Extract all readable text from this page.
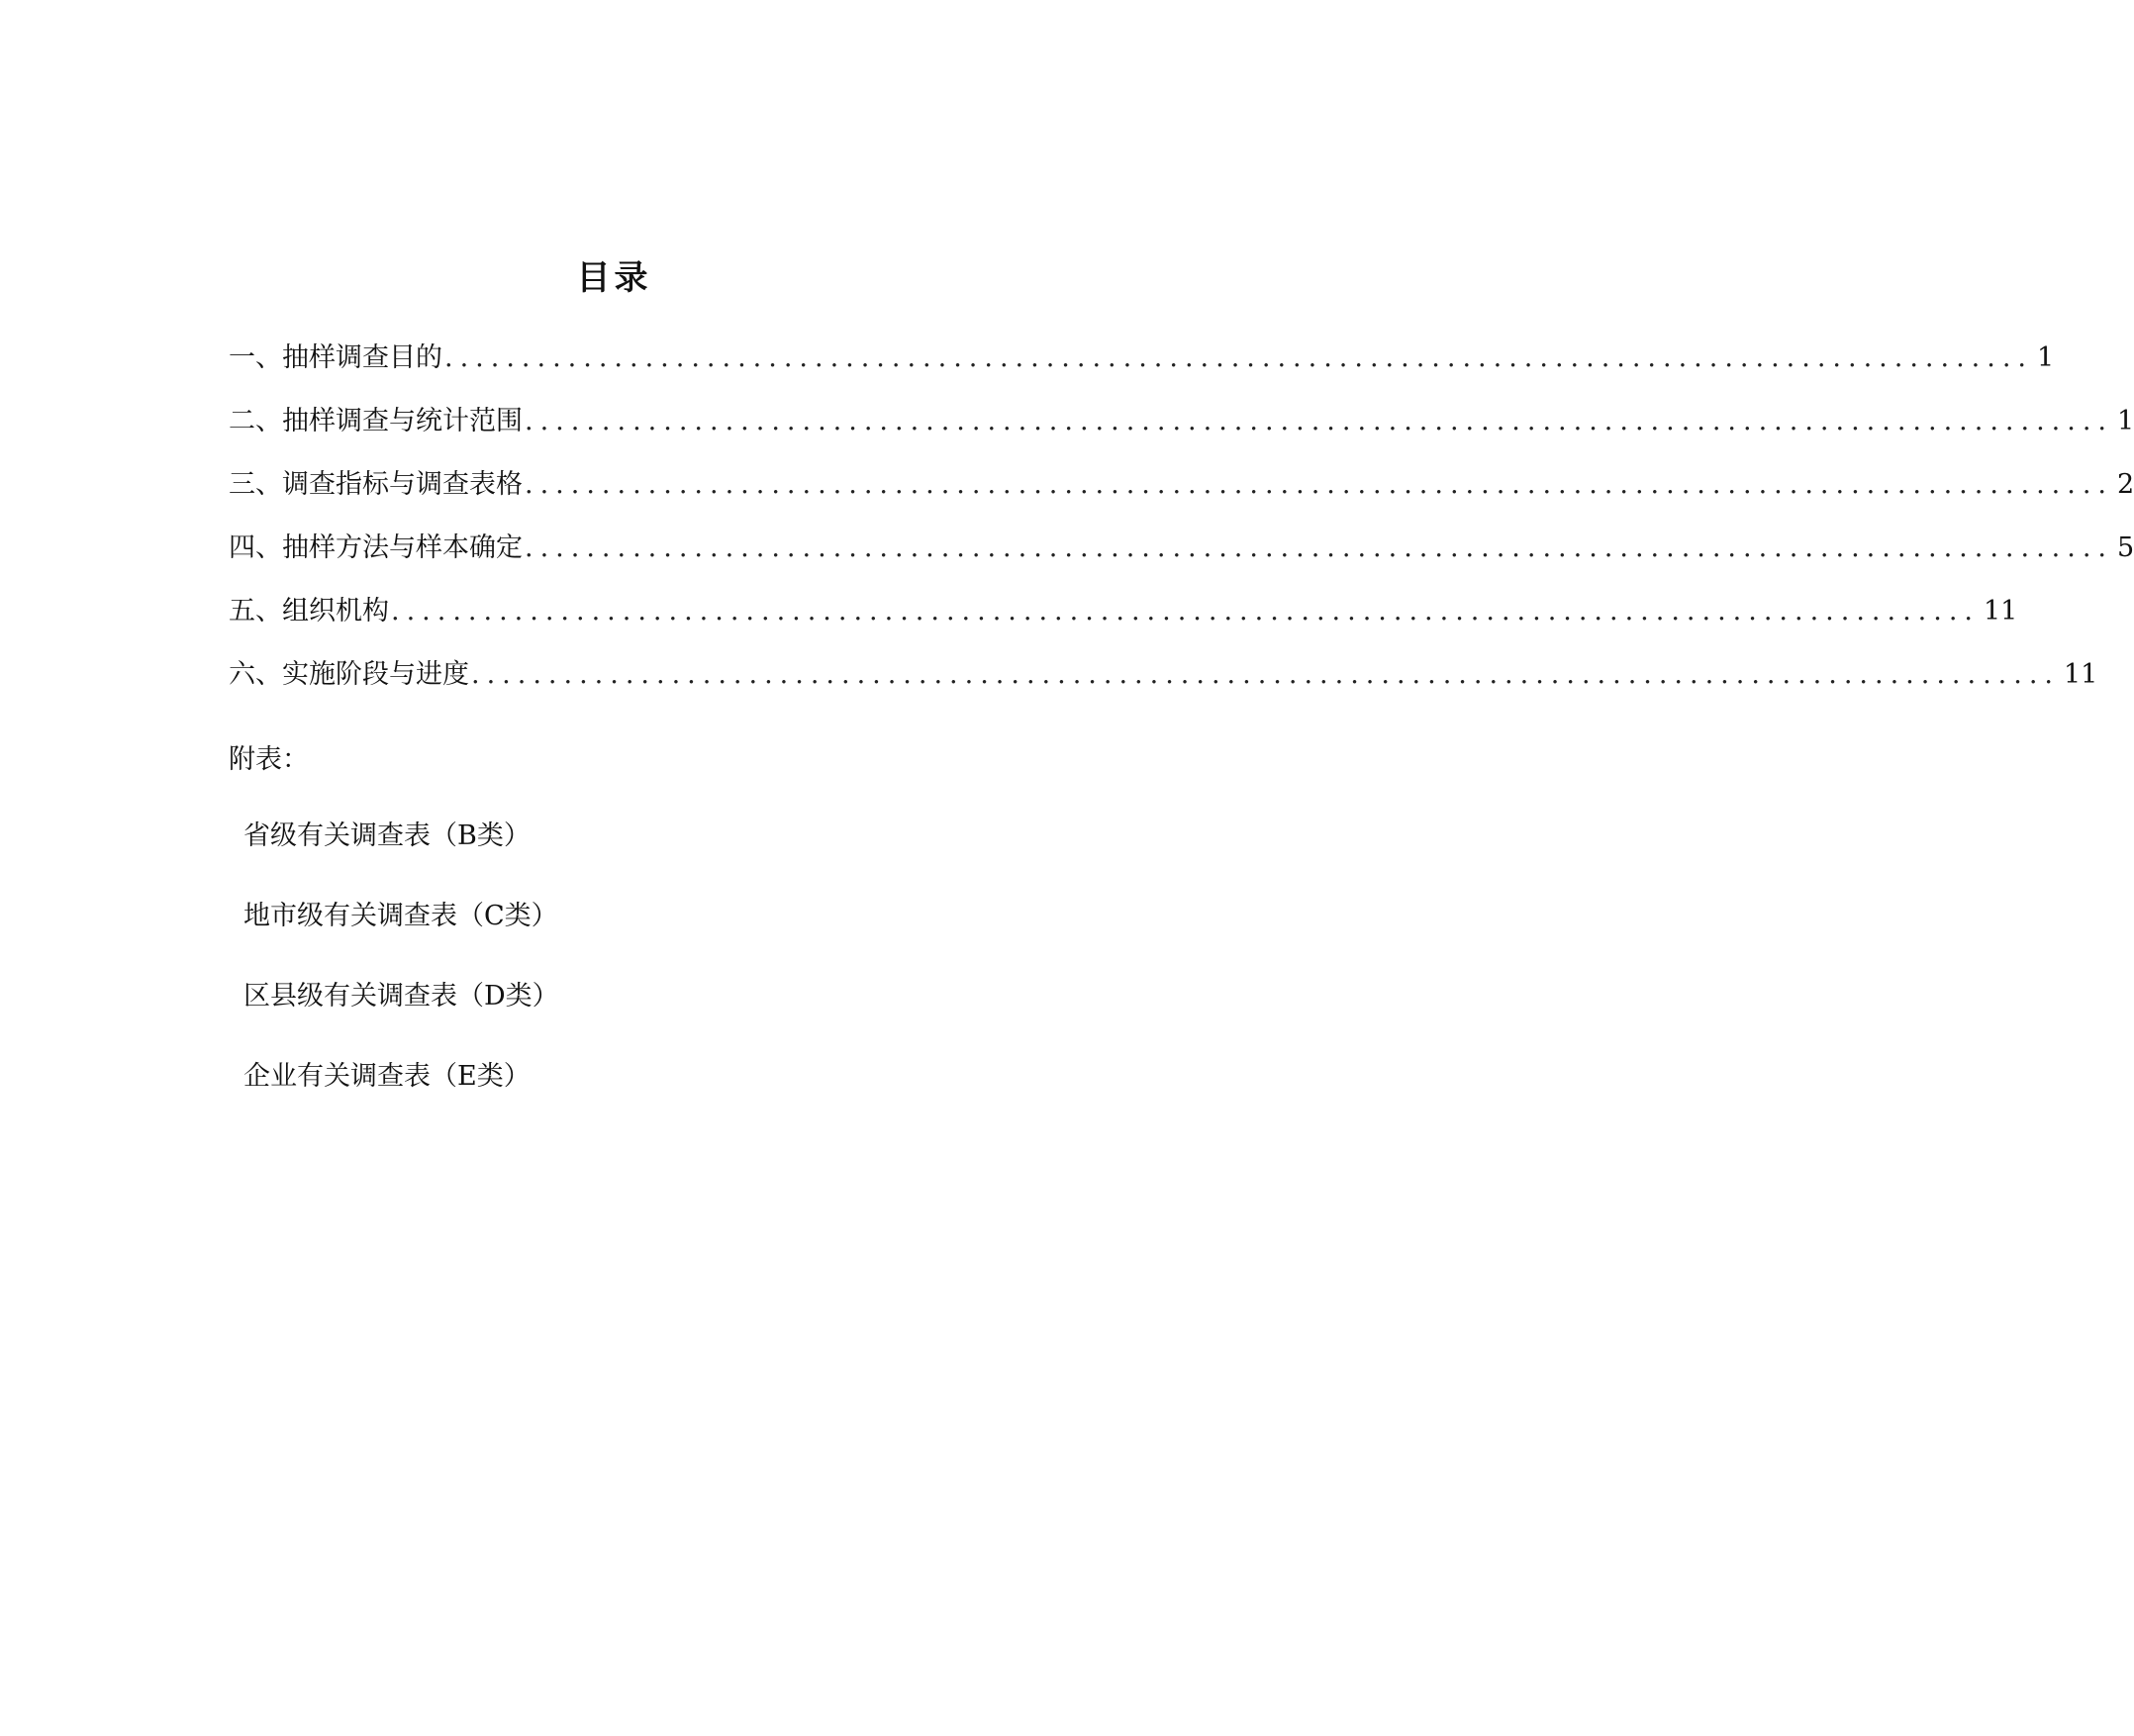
目录
一、抽样调查目的 ....................................................................................................... 1
二、抽样调查与统计范围 ....................................................................................................... 1
三、调查指标与调查表格 ....................................................................................................... 2
四、抽样方法与样本确定 ....................................................................................................... 5
五、组织机构 ....................................................................................................... 11
六、实施阶段与进度 ....................................................................................................... 11
附表：
省级有关调查表（B类）
地市级有关调查表（C类）
区县级有关调查表（D类）
企业有关调查表（E类）
